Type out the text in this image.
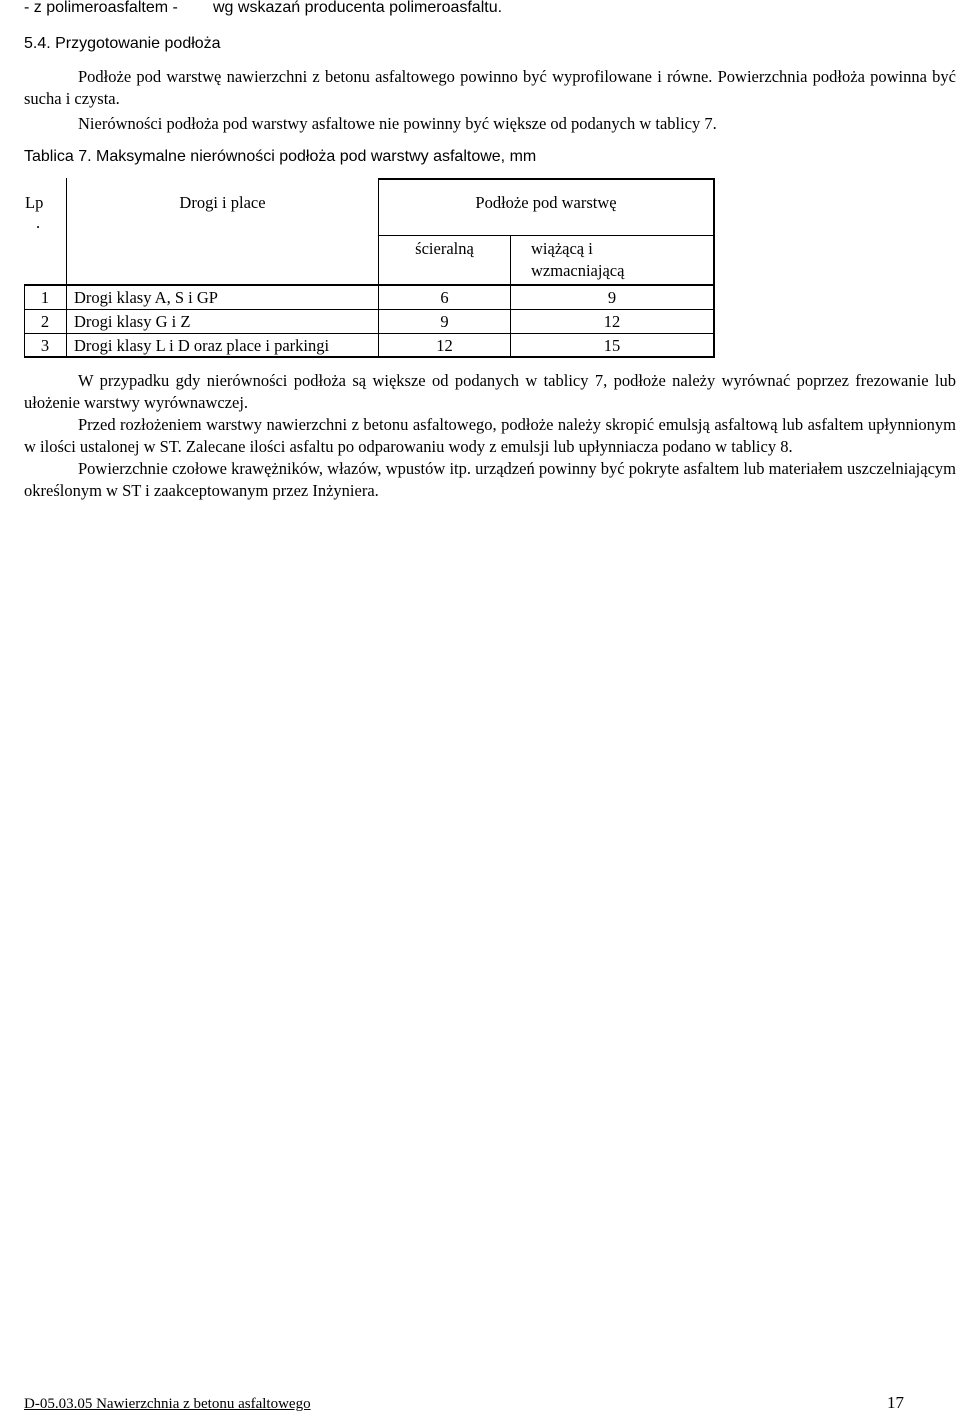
- z polimeroasfaltem - wg wskazań producenta polimeroasfaltu.
5.4. Przygotowanie podłoża

Podłoże pod warstwę nawierzchni z betonu asfaltowego powinno być wyprofilowane i równe. Powierzchnia podłoża powinna być sucha i czysta.

Nierówności podłoża pod warstwy asfaltowe nie powinny być większe od podanych w tablicy 7.

Tablica 7. Maksymalne nierówności podłoża pod warstwy asfaltowe, mm
Lp
.
Drogi i place	Podłoże pod warstwę
ścieralną	wiążącą i
wzmacniającą
1	Drogi klasy A, S i GP	6	9
2	Drogi klasy G i Z	9	12
3	Drogi klasy L i D oraz place i parkingi	12	15

W przypadku gdy nierówności podłoża są większe od podanych w tablicy 7, podłoże należy wyrównać poprzez frezowanie lub ułożenie warstwy wyrównawczej.

Przed rozłożeniem warstwy nawierzchni z betonu asfaltowego, podłoże należy skropić emulsją asfaltową lub asfaltem upłynnionym w ilości ustalonej w ST. Zalecane ilości asfaltu po odparowaniu wody z emulsji lub upłynniacza podano w tablicy 8.

Powierzchnie czołowe krawężników, włazów, wpustów itp. urządzeń powinny być pokryte asfaltem lub materiałem uszczelniającym określonym w ST i zaakceptowanym przez Inżyniera.

D-05.03.05 Nawierzchnia z betonu asfaltowego	17
